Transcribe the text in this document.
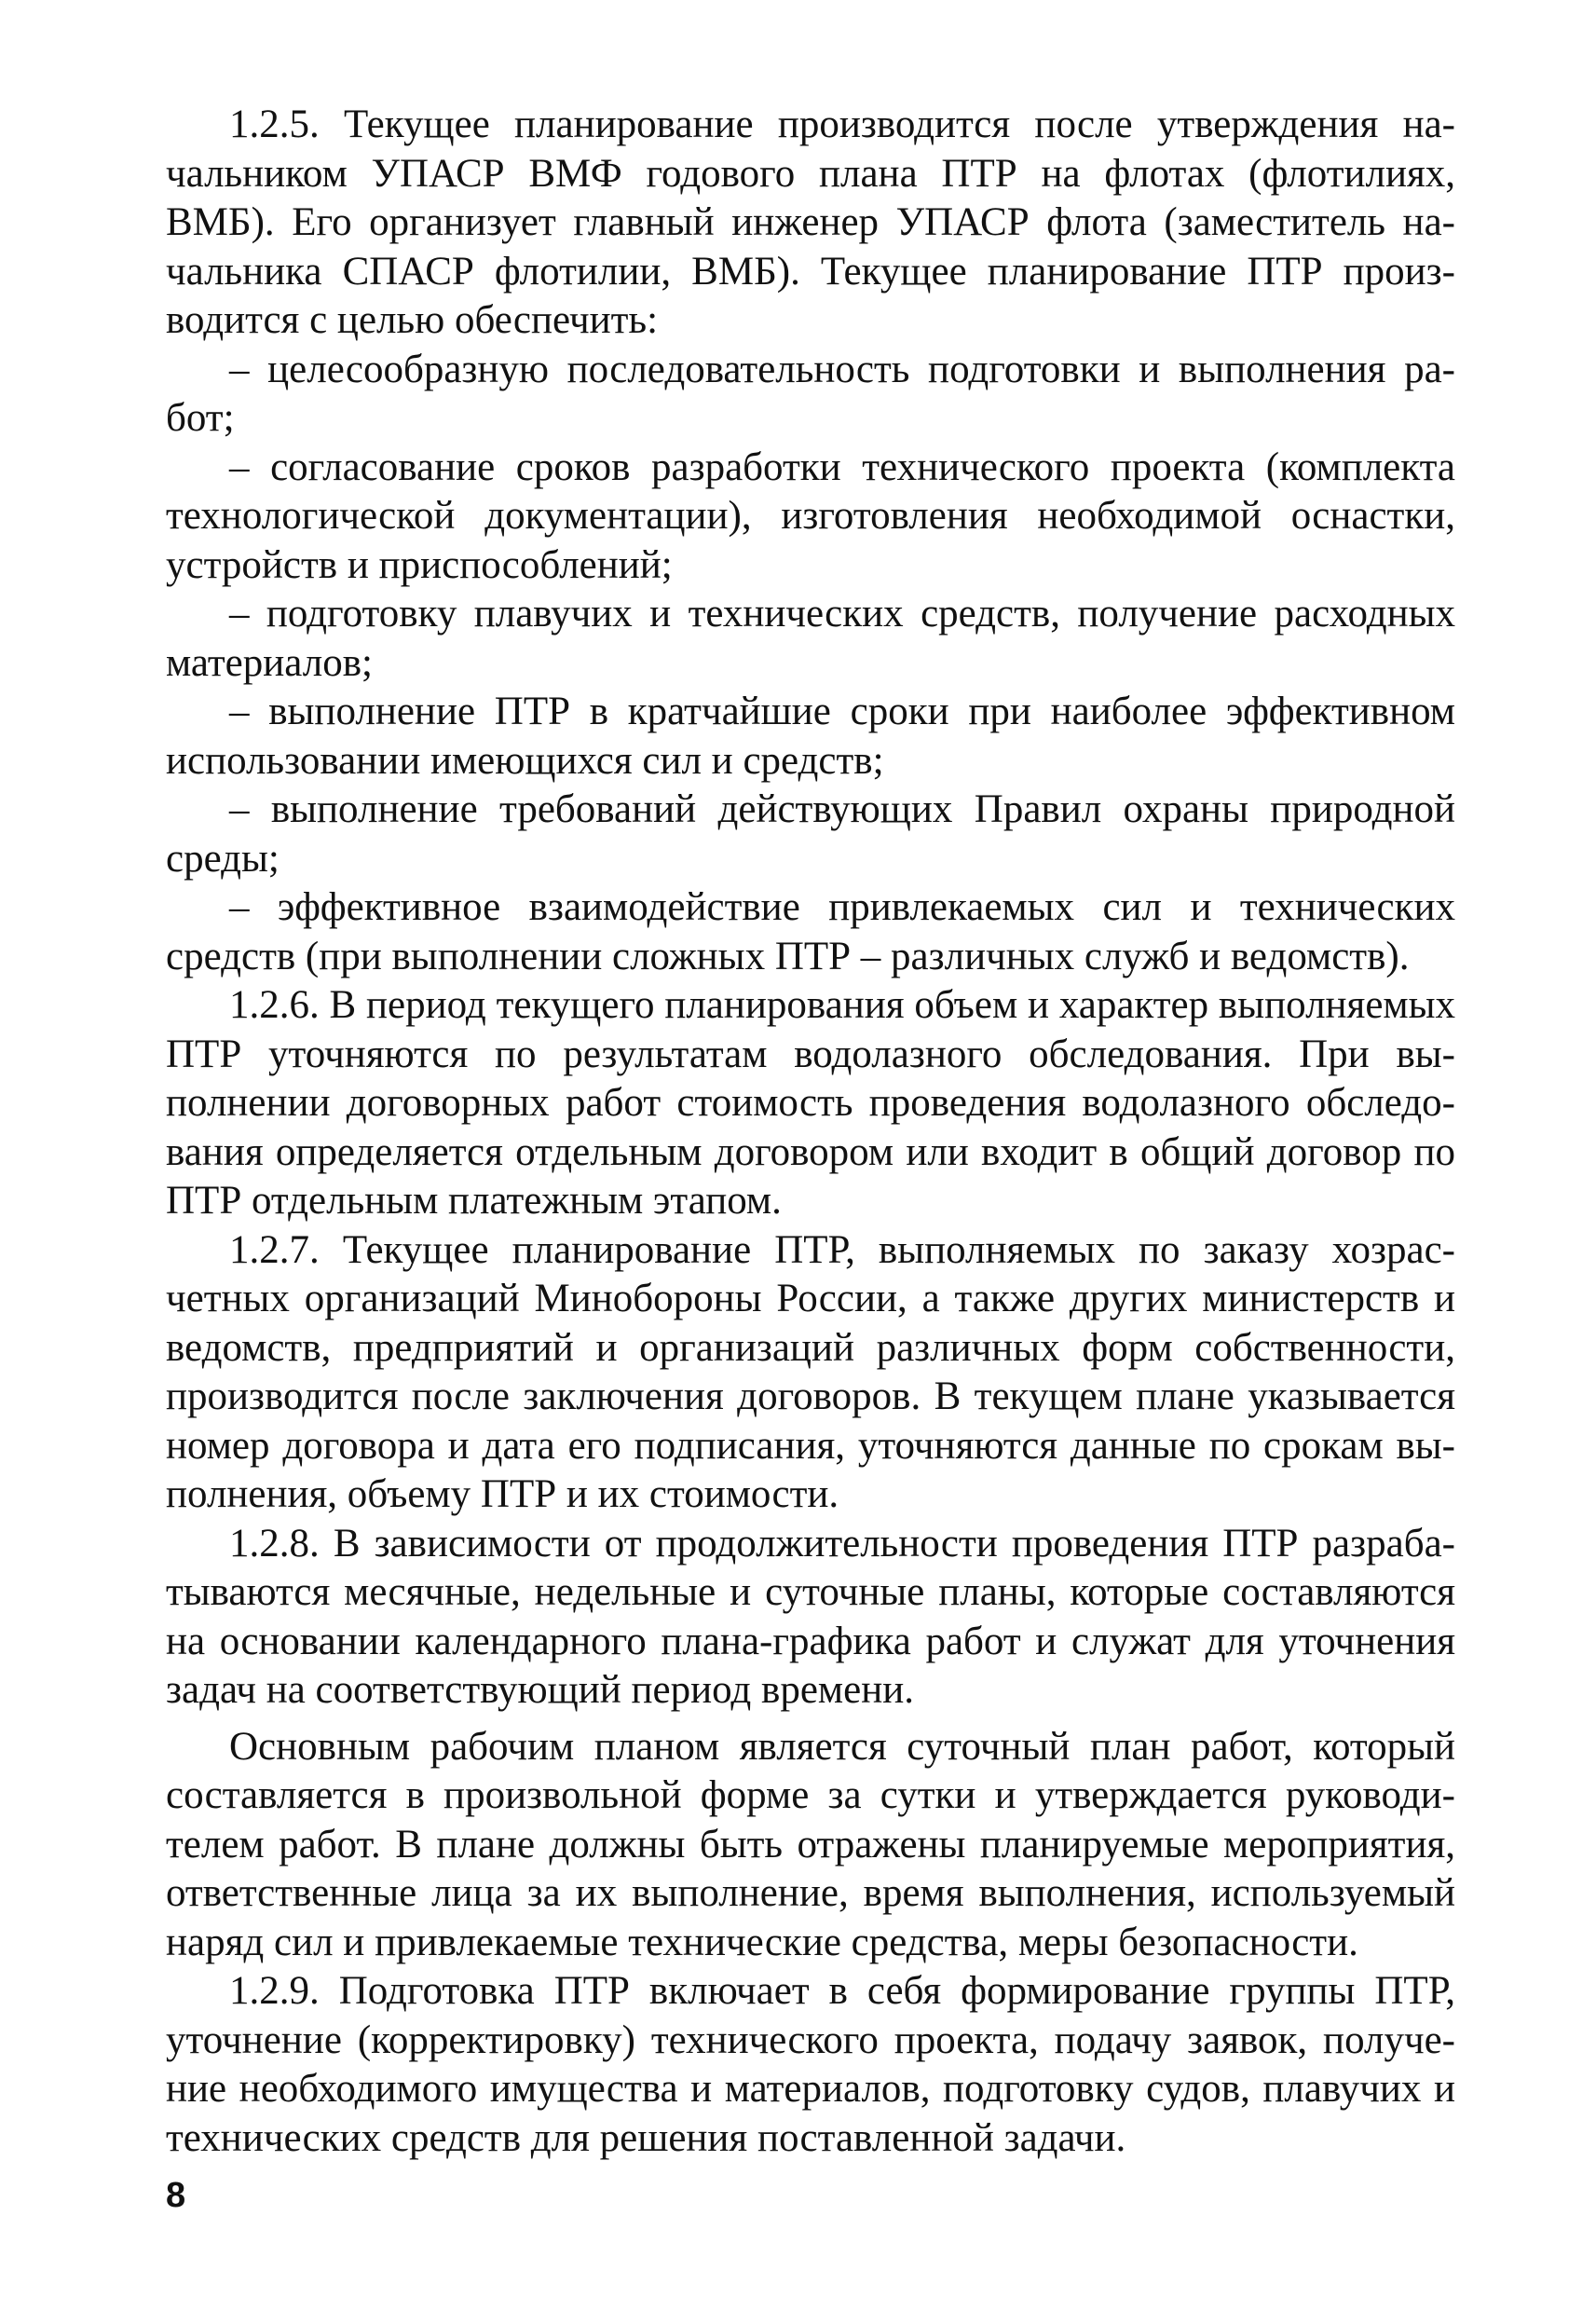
1.2.5. Текущее планирование производится после утверждения начальником УПАСР ВМФ годового плана ПТР на флотах (флотилиях, ВМБ). Его организует главный инженер УПАСР флота (заместитель начальника СПАСР флотилии, ВМБ). Текущее планирование ПТР производится с целью обеспечить:

– целесообразную последовательность подготовки и выполнения работ;

– согласование сроков разработки технического проекта (комплекта технологической документации), изготовления необходимой оснастки, устройств и приспособлений;

– подготовку плавучих и технических средств, получение расходных материалов;

– выполнение ПТР в кратчайшие сроки при наиболее эффективном использовании имеющихся сил и средств;

– выполнение требований действующих Правил охраны природной среды;

– эффективное взаимодействие привлекаемых сил и технических средств (при выполнении сложных ПТР – различных служб и ведомств).

1.2.6. В период текущего планирования объем и характер выполняемых ПТР уточняются по результатам водолазного обследования. При выполнении договорных работ стоимость проведения водолазного обследования определяется отдельным договором или входит в общий договор по ПТР отдельным платежным этапом.

1.2.7. Текущее планирование ПТР, выполняемых по заказу хозрасчетных организаций Минобороны России, а также других министерств и ведомств, предприятий и организаций различных форм собственности, производится после заключения договоров. В текущем плане указывается номер договора и дата его подписания, уточняются данные по срокам выполнения, объему ПТР и их стоимости.

1.2.8. В зависимости от продолжительности проведения ПТР разрабатываются месячные, недельные и суточные планы, которые составляются на основании календарного плана-графика работ и служат для уточнения задач на соответствующий период времени.

Основным рабочим планом является суточный план работ, который составляется в произвольной форме за сутки и утверждается руководителем работ. В плане должны быть отражены планируемые мероприятия, ответственные лица за их выполнение, время выполнения, используемый наряд сил и привлекаемые технические средства, меры безопасности.

1.2.9. Подготовка ПТР включает в себя формирование группы ПТР, уточнение (корректировку) технического проекта, подачу заявок, получение необходимого имущества и материалов, подготовку судов, плавучих и технических средств для решения поставленной задачи.

8
